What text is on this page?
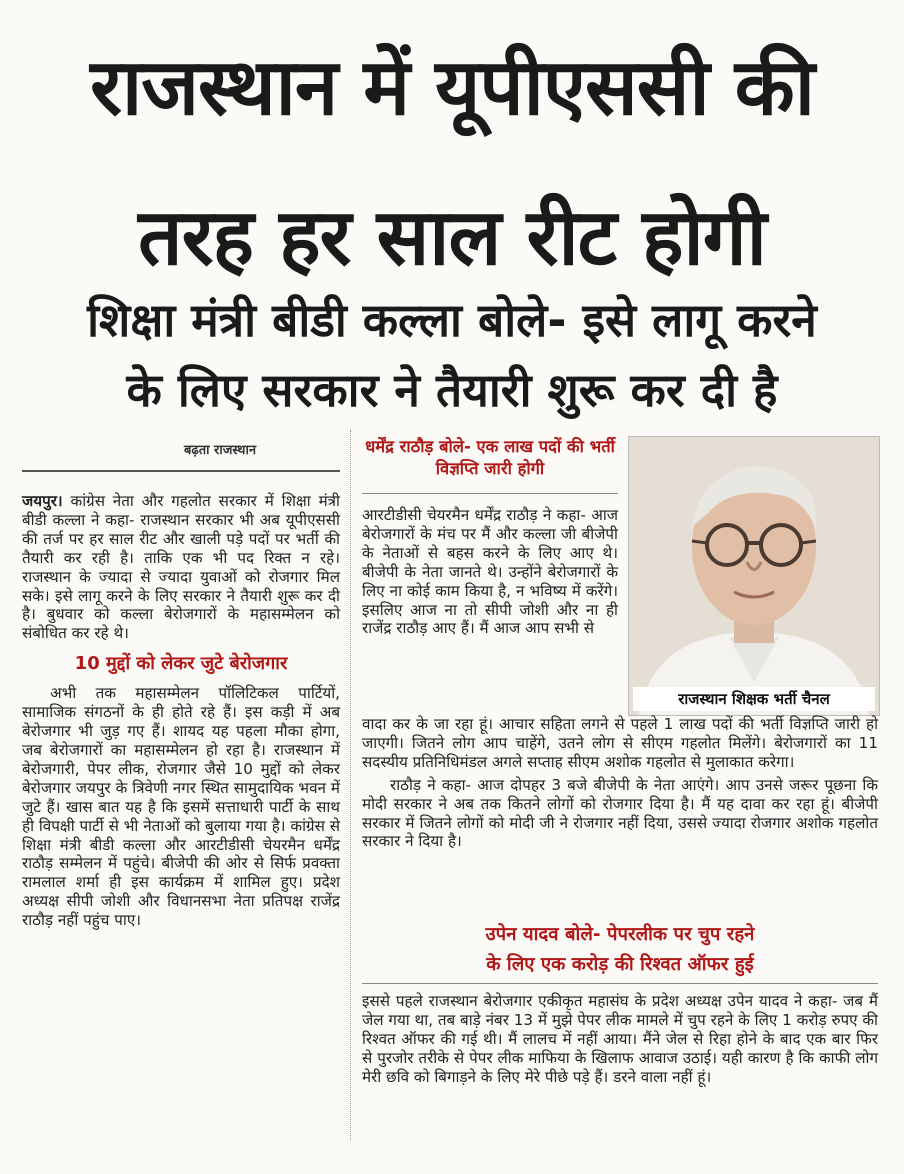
राजस्थान में यूपीएससी की
तरह हर साल रीट होगी
शिक्षा मंत्री बीडी कल्ला बोले- इसे लागू करने
के लिए सरकार ने तैयारी शुरू कर दी है
बढ़ता राजस्थान

जयपुर। कांग्रेस नेता और गहलोत सरकार में शिक्षा मंत्री बीडी कल्ला ने कहा- राजस्थान सरकार भी अब यूपीएससी की तर्ज पर हर साल रीट और खाली पड़े पदों पर भर्ती की तैयारी कर रही है। ताकि एक भी पद रिक्त न रहे। राजस्थान के ज्यादा से ज्यादा युवाओं को रोजगार मिल सके। इसे लागू करने के लिए सरकार ने तैयारी शुरू कर दी है। बुधवार को कल्ला बेरोजगारों के महासम्मेलन को संबोधित कर रहे थे।

10 मुद्दों को लेकर जुटे बेरोजगार

अभी तक महासम्मेलन पॉलिटिकल पार्टियों, सामाजिक संगठनों के ही होते रहे हैं। इस कड़ी में अब बेरोजगार भी जुड़ गए हैं। शायद यह पहला मौका होगा, जब बेरोजगारों का महासम्मेलन हो रहा है। राजस्थान में बेरोजगारी, पेपर लीक, रोजगार जैसे 10 मुद्दों को लेकर बेरोजगार जयपुर के त्रिवेणी नगर स्थित सामुदायिक भवन में जुटे हैं। खास बात यह है कि इसमें सत्ताधारी पार्टी के साथ ही विपक्षी पार्टी से भी नेताओं को बुलाया गया है। कांग्रेस से शिक्षा मंत्री बीडी कल्ला और आरटीडीसी चेयरमैन धर्मेंद्र राठौड़ सम्मेलन में पहुंचे। बीजेपी की ओर से सिर्फ प्रवक्ता रामलाल शर्मा ही इस कार्यक्रम में शामिल हुए। प्रदेश अध्यक्ष सीपी जोशी और विधानसभा नेता प्रतिपक्ष राजेंद्र राठौड़ नहीं पहुंच पाए।

धर्मेंद्र राठौड़ बोले- एक लाख पदों की भर्ती विज्ञप्ति जारी होगी
आरटीडीसी चेयरमैन धर्मेंद्र राठौड़ ने कहा- आज बेरोजगारों के मंच पर मैं और कल्ला जी बीजेपी के नेताओं से बहस करने के लिए आए थे। बीजेपी के नेता जानते थे। उन्होंने बेरोजगारों के लिए ना कोई काम किया है, न भविष्य में करेंगे। इसलिए आज ना तो सीपी जोशी और ना ही राजेंद्र राठौड़ आए हैं। मैं आज आप सभी से
राजस्थान शिक्षक भर्ती चैनल

वादा कर के जा रहा हूं। आचार सहिता लगने से पहले 1 लाख पदों की भर्ती विज्ञप्ति जारी हो जाएगी। जितने लोग आप चाहेंगे, उतने लोग से सीएम गहलोत मिलेंगे। बेरोजगारों का 11 सदस्यीय प्रतिनिधिमंडल अगले सप्ताह सीएम अशोक गहलोत से मुलाकात करेगा।

राठौड़ ने कहा- आज दोपहर 3 बजे बीजेपी के नेता आएंगे। आप उनसे जरूर पूछना कि मोदी सरकार ने अब तक कितने लोगों को रोजगार दिया है। मैं यह दावा कर रहा हूं। बीजेपी सरकार में जितने लोगों को मोदी जी ने रोजगार नहीं दिया, उससे ज्यादा रोजगार अशोक गहलोत सरकार ने दिया है।

उपेन यादव बोले- पेपरलीक पर चुप रहने
के लिए एक करोड़ की रिश्वत ऑफर हुई
इससे पहले राजस्थान बेरोजगार एकीकृत महासंघ के प्रदेश अध्यक्ष उपेन यादव ने कहा- जब मैं जेल गया था, तब बाड़े नंबर 13 में मुझे पेपर लीक मामले में चुप रहने के लिए 1 करोड़ रुपए की रिश्वत ऑफर की गई थी। मैं लालच में नहीं आया। मैंने जेल से रिहा होने के बाद एक बार फिर से पुरजोर तरीके से पेपर लीक माफिया के खिलाफ आवाज उठाई। यही कारण है कि काफी लोग मेरी छवि को बिगाड़ने के लिए मेरे पीछे पड़े हैं। डरने वाला नहीं हूं।
